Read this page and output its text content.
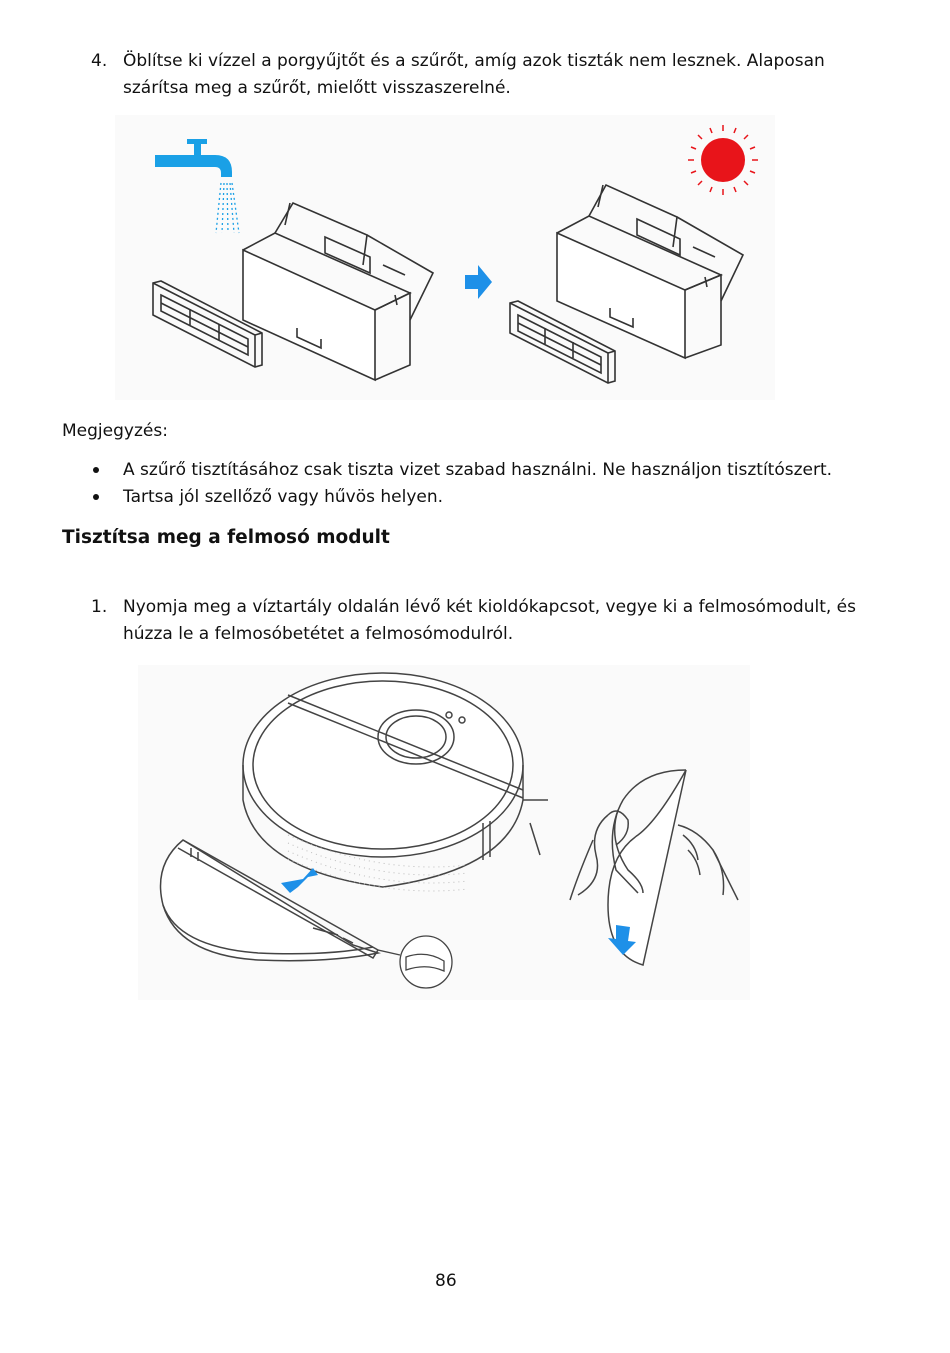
4. Öblítse ki vízzel a porgyűjtőt és a szűrőt, amíg azok tiszták nem lesznek. Alaposan
szárítsa meg a szűrőt, mielőtt visszaszerelné.
Megjegyzés:
A szűrő tisztításához csak tiszta vizet szabad használni. Ne használjon tisztítószert.
Tartsa jól szellőző vagy hűvös helyen.
Tisztítsa meg a felmosó modult
1. Nyomja meg a víztartály oldalán lévő két kioldókapcsot, vegye ki a felmosómodult, és
húzza le a felmosóbetétet a felmosómodulról.
86
